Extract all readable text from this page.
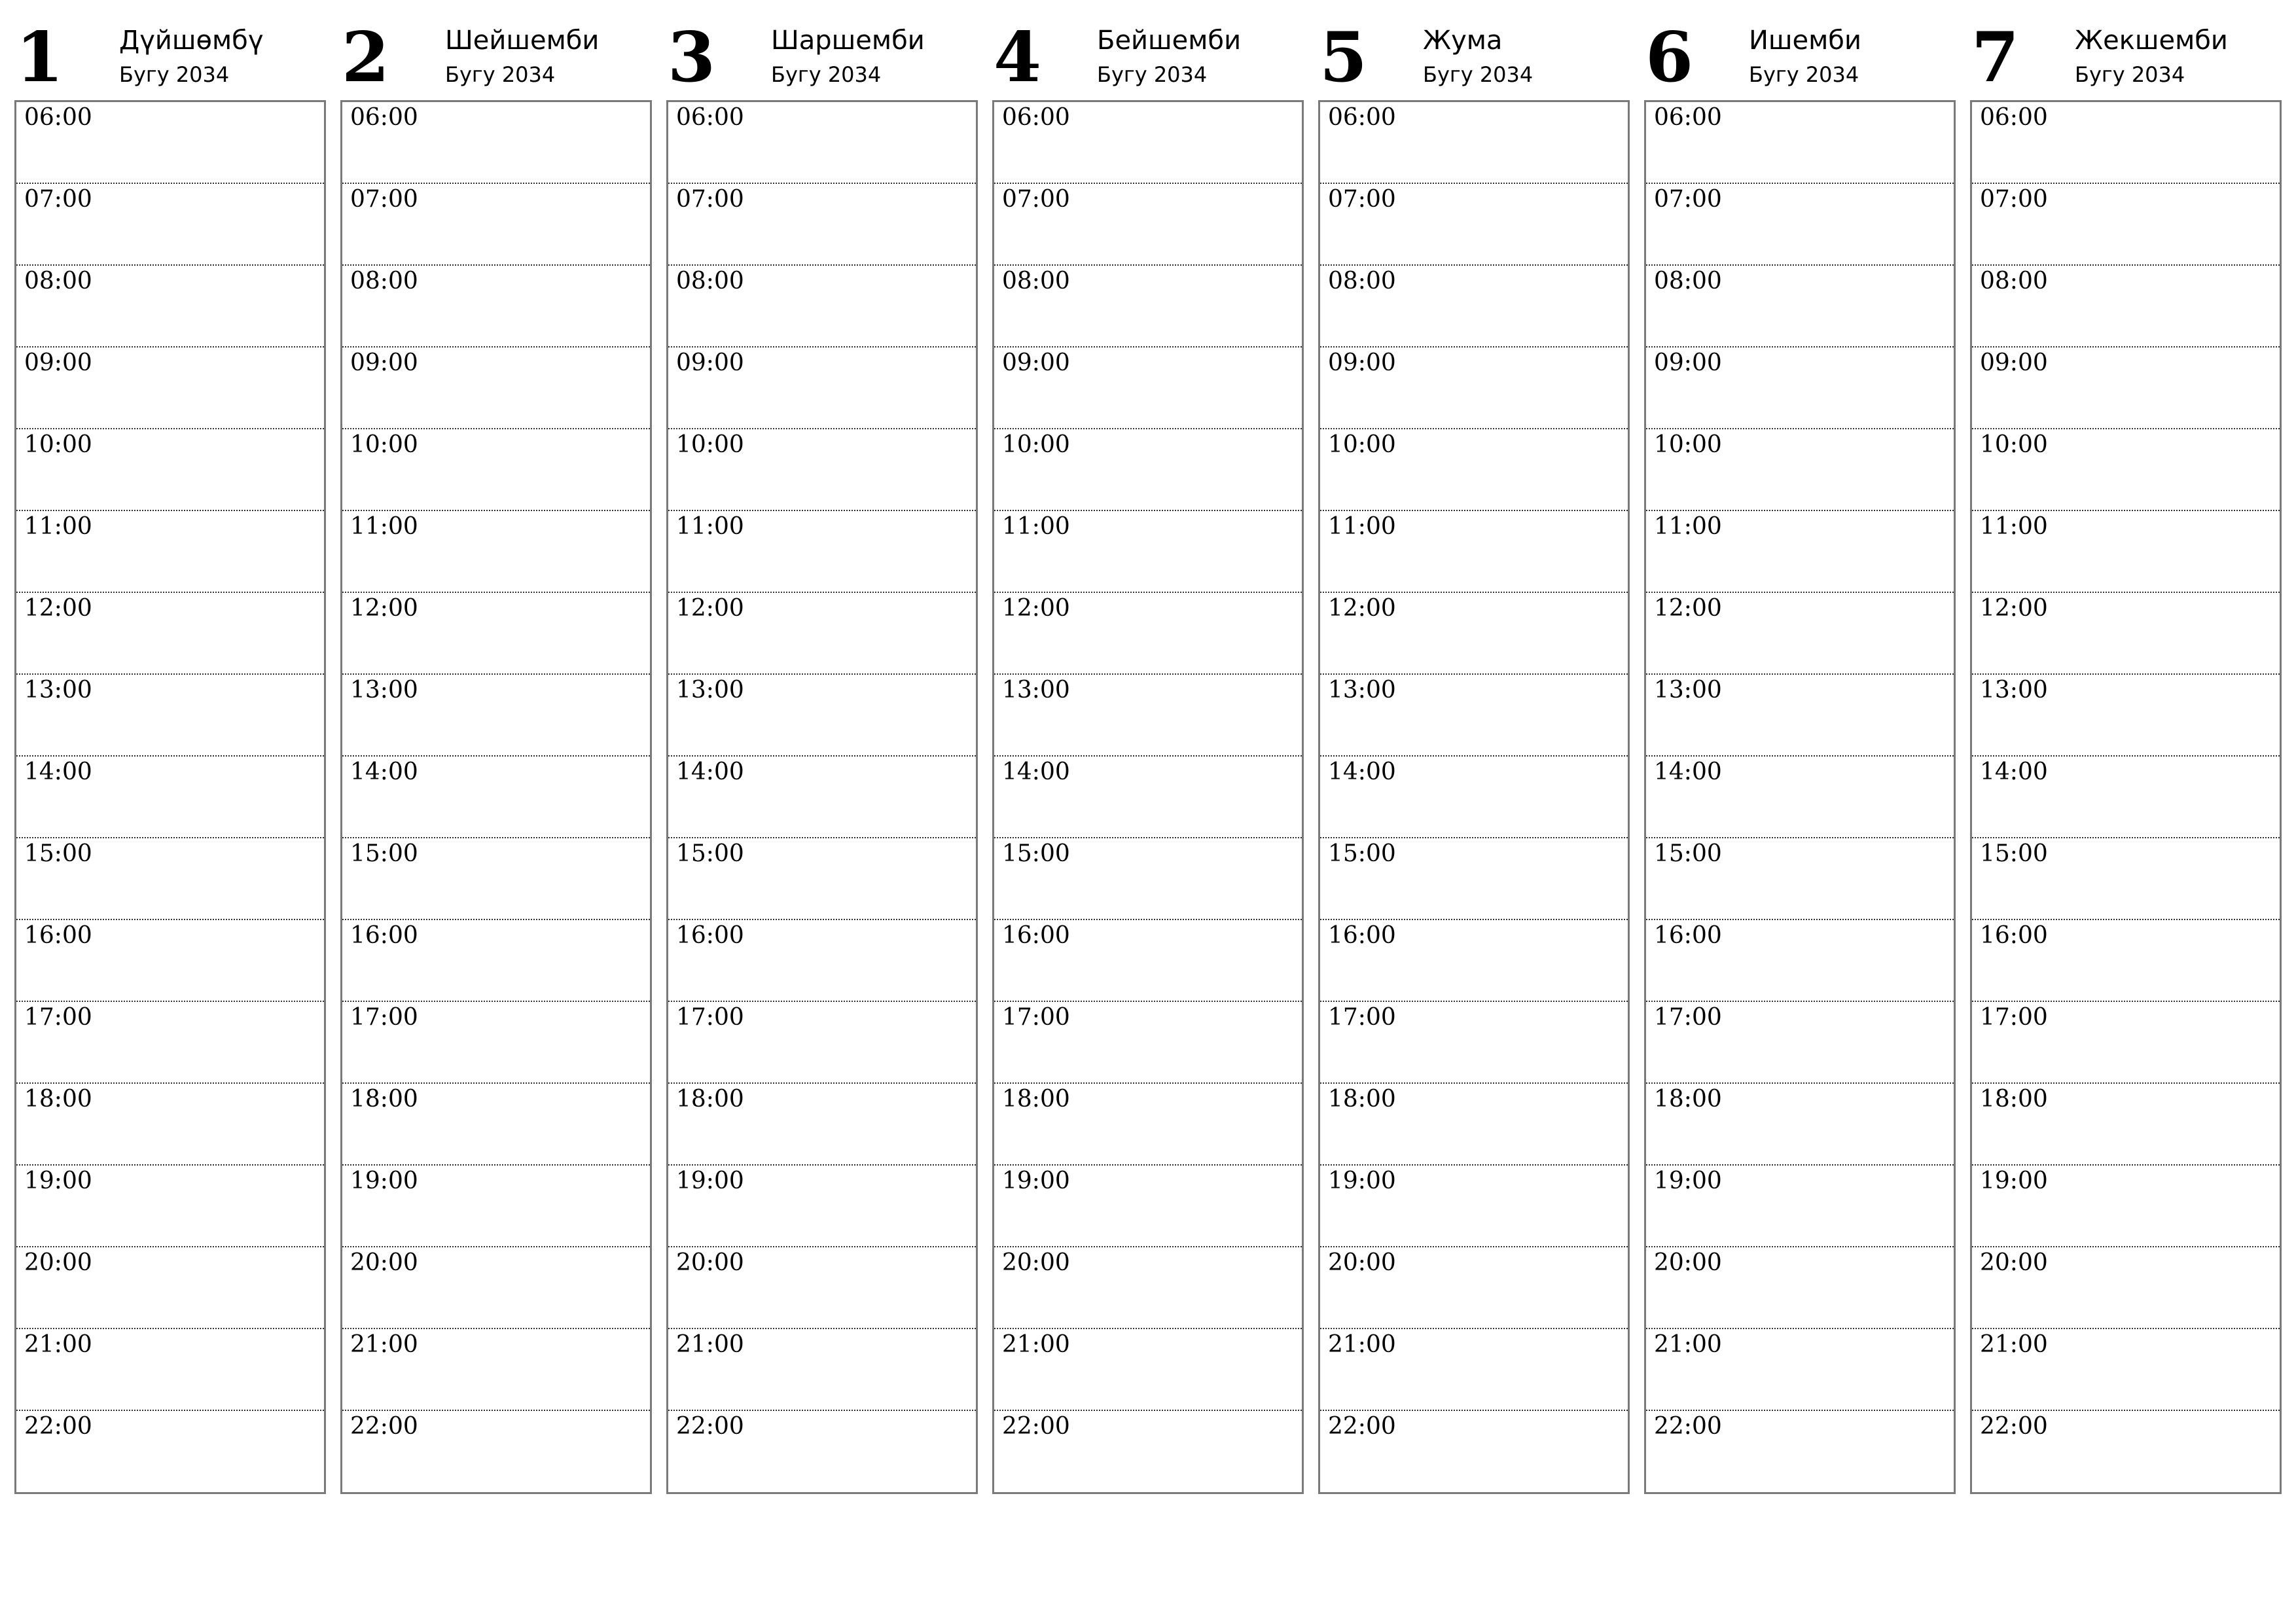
1 Дүйшөмбү
Бугу 2034
06:00
07:00
08:00
09:00
10:00
11:00
12:00
13:00
14:00
15:00
16:00
17:00
18:00
19:00
20:00
21:00
22:00
2 Шейшемби
Бугу 2034
06:00
07:00
08:00
09:00
10:00
11:00
12:00
13:00
14:00
15:00
16:00
17:00
18:00
19:00
20:00
21:00
22:00
3 Шаршемби
Бугу 2034
06:00
07:00
08:00
09:00
10:00
11:00
12:00
13:00
14:00
15:00
16:00
17:00
18:00
19:00
20:00
21:00
22:00
4 Бейшемби
Бугу 2034
06:00
07:00
08:00
09:00
10:00
11:00
12:00
13:00
14:00
15:00
16:00
17:00
18:00
19:00
20:00
21:00
22:00
5 Жума
Бугу 2034
06:00
07:00
08:00
09:00
10:00
11:00
12:00
13:00
14:00
15:00
16:00
17:00
18:00
19:00
20:00
21:00
22:00
6 Ишемби
Бугу 2034
06:00
07:00
08:00
09:00
10:00
11:00
12:00
13:00
14:00
15:00
16:00
17:00
18:00
19:00
20:00
21:00
22:00
7 Жекшемби
Бугу 2034
06:00
07:00
08:00
09:00
10:00
11:00
12:00
13:00
14:00
15:00
16:00
17:00
18:00
19:00
20:00
21:00
22:00
